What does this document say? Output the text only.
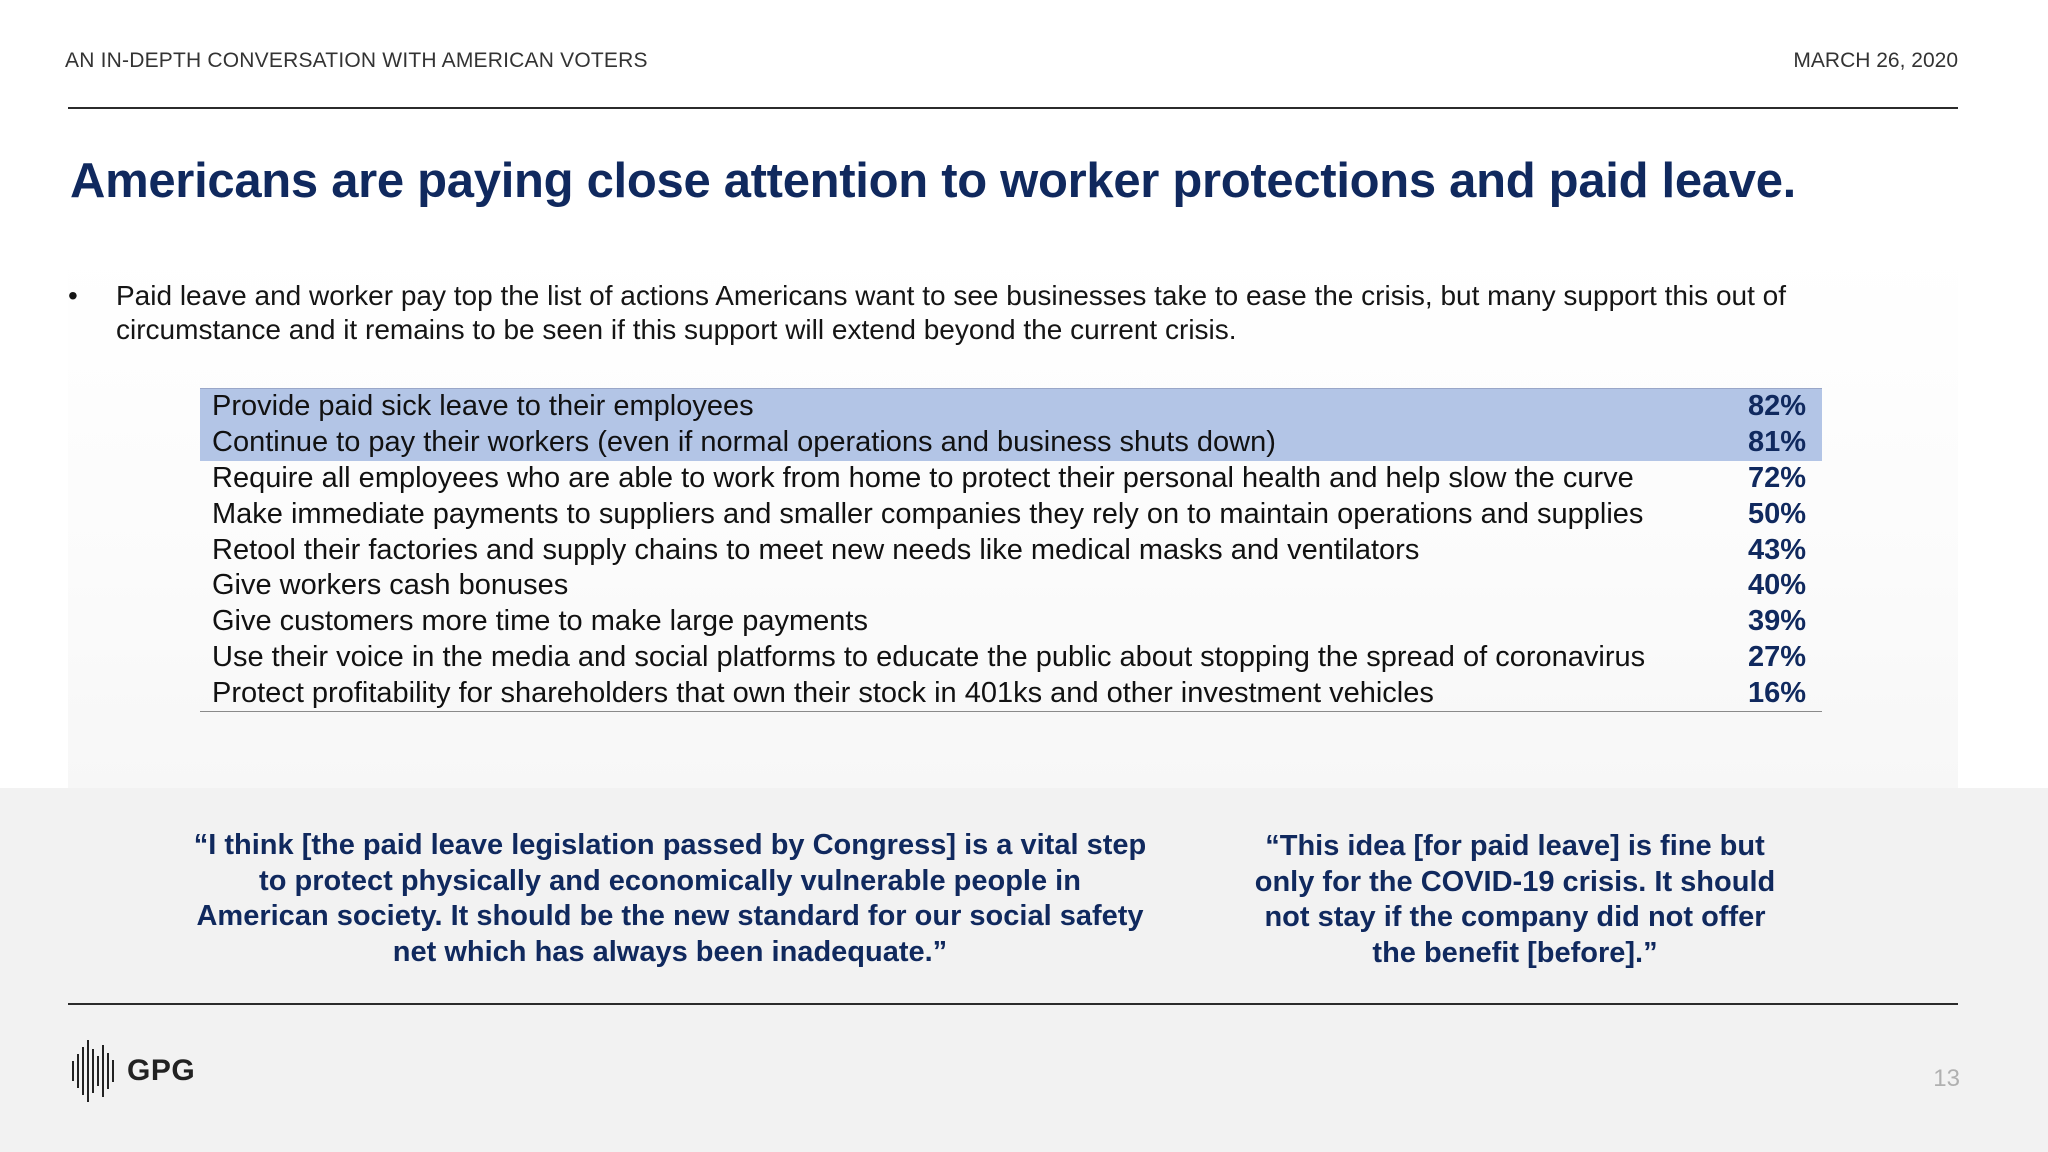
AN IN-DEPTH CONVERSATION WITH AMERICAN VOTERS	MARCH 26, 2020
Americans are paying close attention to worker protections and paid leave.
•	Paid leave and worker pay top the list of actions Americans want to see businesses take to ease the crisis, but many support this out of circumstance and it remains to be seen if this support will extend beyond the current crisis.
Provide paid sick leave to their employees	82%
Continue to pay their workers (even if normal operations and business shuts down)	81%
Require all employees who are able to work from home to protect their personal health and help slow the curve	72%
Make immediate payments to suppliers and smaller companies they rely on to maintain operations and supplies	50%
Retool their factories and supply chains to meet new needs like medical masks and ventilators	43%
Give workers cash bonuses	40%
Give customers more time to make large payments	39%
Use their voice in the media and social platforms to educate the public about stopping the spread of coronavirus	27%
Protect profitability for shareholders that own their stock in 401ks and other investment vehicles	16%
“I think [the paid leave legislation passed by Congress] is a vital step to protect physically and economically vulnerable people in American society. It should be the new standard for our social safety net which has always been inadequate.”
“This idea [for paid leave] is fine but only for the COVID-19 crisis. It should not stay if the company did not offer the benefit [before].”
GPG	13
